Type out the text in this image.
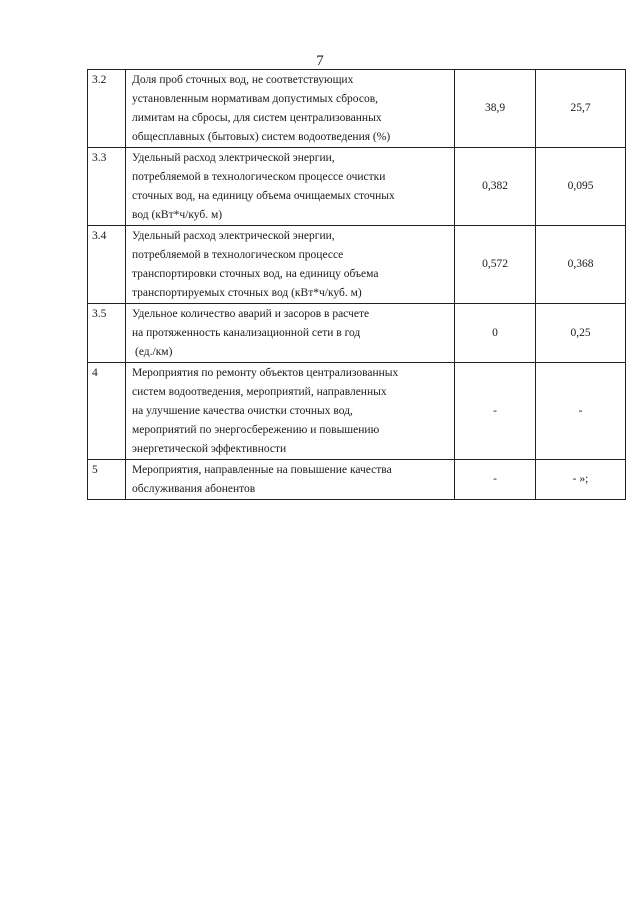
7
3.2	Доля проб сточных вод, не соответствующих
установленным нормативам допустимых сбросов,
лимитам на сбросы, для систем централизованных
общесплавных (бытовых) систем водоотведения (%)	38,9	25,7
3.3	Удельный расход электрической энергии,
потребляемой в технологическом процессе очистки
сточных вод, на единицу объема очищаемых сточных
вод (кВт*ч/куб. м)	0,382	0,095
3.4	Удельный расход электрической энергии,
потребляемой в технологическом процессе
транспортировки сточных вод, на единицу объема
транспортируемых сточных вод (кВт*ч/куб. м)	0,572	0,368
3.5	Удельное количество аварий и засоров в расчете
на протяженность канализационной сети в год
(ед./км)	0	0,25
4	Мероприятия по ремонту объектов централизованных
систем водоотведения, мероприятий, направленных
на улучшение качества очистки сточных вод,
мероприятий по энергосбережению и повышению
энергетической эффективности	-	-
5	Мероприятия, направленные на повышение качества
обслуживания абонентов	-	- »;
